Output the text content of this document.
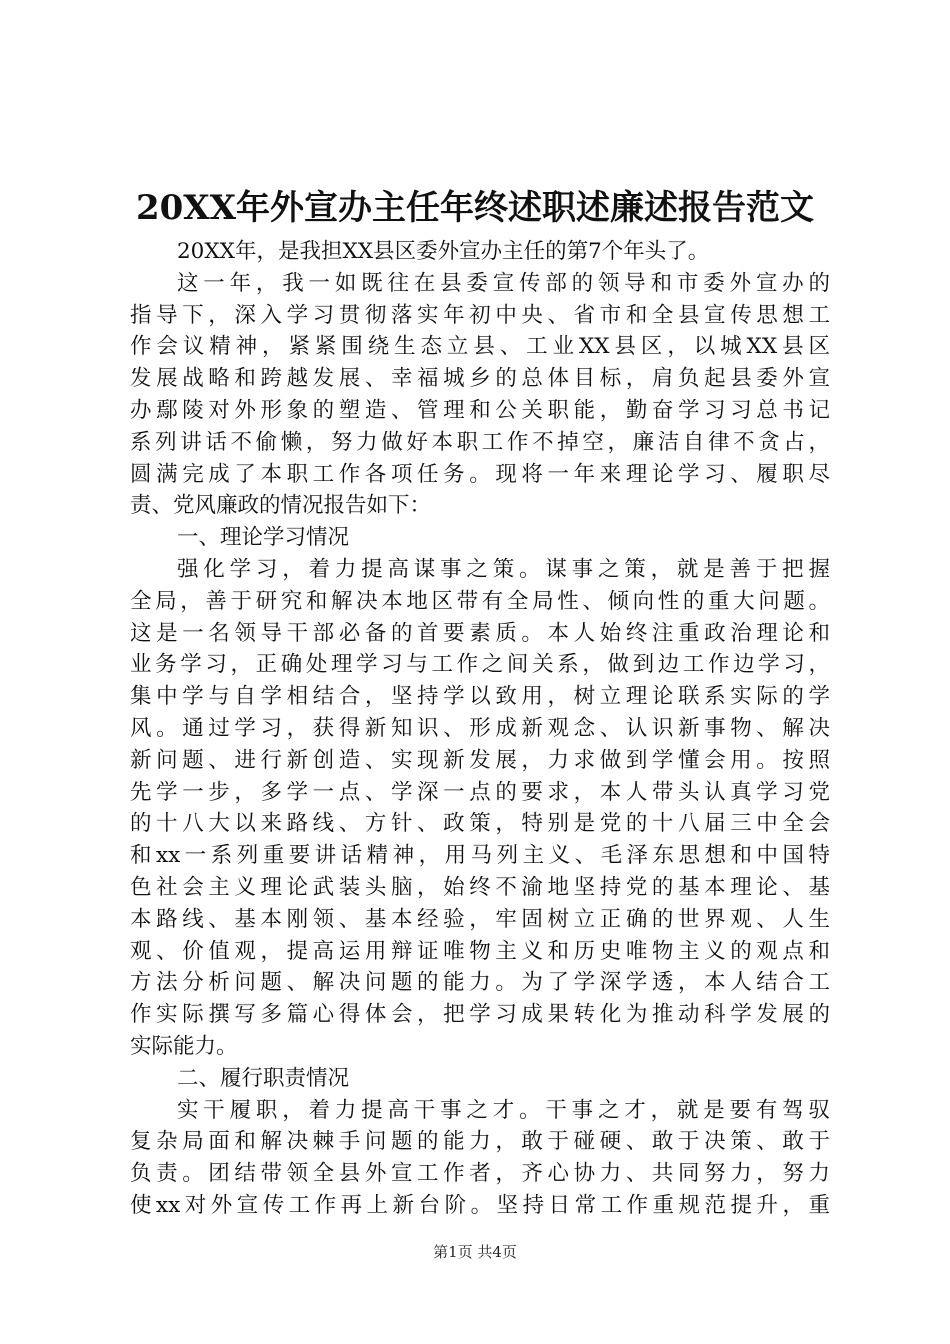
20XX年外宣办主任年终述职述廉述报告范文
20XX年，是我担XX县区委外宣办主任的第7个年头了。
这一年，我一如既往在县委宣传部的领导和市委外宣办的
指导下，深入学习贯彻落实年初中央、省市和全县宣传思想工
作会议精神，紧紧围绕生态立县、工业XX县区，以城XX县区
发展战略和跨越发展、幸福城乡的总体目标，肩负起县委外宣
办鄢陵对外形象的塑造、管理和公关职能，勤奋学习习总书记
系列讲话不偷懒，努力做好本职工作不掉空，廉洁自律不贪占，
圆满完成了本职工作各项任务。现将一年来理论学习、履职尽
责、党风廉政的情况报告如下：
一、理论学习情况
强化学习，着力提高谋事之策。谋事之策，就是善于把握
全局，善于研究和解决本地区带有全局性、倾向性的重大问题。
这是一名领导干部必备的首要素质。本人始终注重政治理论和
业务学习，正确处理学习与工作之间关系，做到边工作边学习，
集中学与自学相结合，坚持学以致用，树立理论联系实际的学
风。通过学习，获得新知识、形成新观念、认识新事物、解决
新问题、进行新创造、实现新发展，力求做到学懂会用。按照
先学一步，多学一点、学深一点的要求，本人带头认真学习党
的十八大以来路线、方针、政策，特别是党的十八届三中全会
和xx一系列重要讲话精神，用马列主义、毛泽东思想和中国特
色社会主义理论武装头脑，始终不渝地坚持党的基本理论、基
本路线、基本刚领、基本经验，牢固树立正确的世界观、人生
观、价值观，提高运用辩证唯物主义和历史唯物主义的观点和
方法分析问题、解决问题的能力。为了学深学透，本人结合工
作实际撰写多篇心得体会，把学习成果转化为推动科学发展的
实际能力。
二、履行职责情况
实干履职，着力提高干事之才。干事之才，就是要有驾驭
复杂局面和解决棘手问题的能力，敢于碰硬、敢于决策、敢于
负责。团结带领全县外宣工作者，齐心协力、共同努力，努力
使xx对外宣传工作再上新台阶。坚持日常工作重规范提升，重
第1页 共4页
